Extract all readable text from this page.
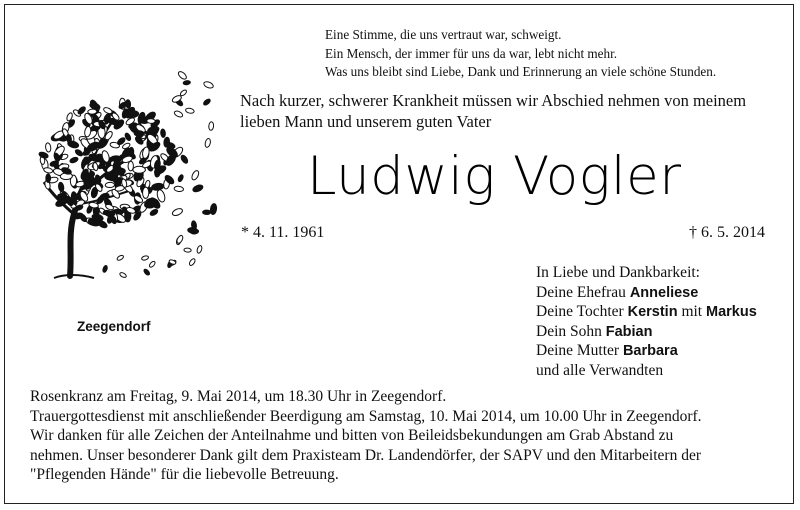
Eine Stimme, die uns vertraut war, schweigt.
Ein Mensch, der immer für uns da war, lebt nicht mehr.
Was uns bleibt sind Liebe, Dank und Erinnerung an viele schöne Stunden.
Nach kurzer, schwerer Krankheit müssen wir Abschied nehmen von meinem
lieben Mann und unserem guten Vater
Ludwig Vogler
* 4. 11. 1961	† 6. 5. 2014
Zeegendorf
In Liebe und Dankbarkeit:
Deine Ehefrau Anneliese
Deine Tochter Kerstin mit Markus
Dein Sohn Fabian
Deine Mutter Barbara
und alle Verwandten
Rosenkranz am Freitag, 9. Mai 2014, um 18.30 Uhr in Zeegendorf.
Trauergottesdienst mit anschließender Beerdigung am Samstag, 10. Mai 2014, um 10.00 Uhr in Zeegendorf.
Wir danken für alle Zeichen der Anteilnahme und bitten von Beileidsbekundungen am Grab Abstand zu
nehmen. Unser besonderer Dank gilt dem Praxisteam Dr. Landendörfer, der SAPV und den Mitarbeitern der
"Pflegenden Hände" für die liebevolle Betreuung.
